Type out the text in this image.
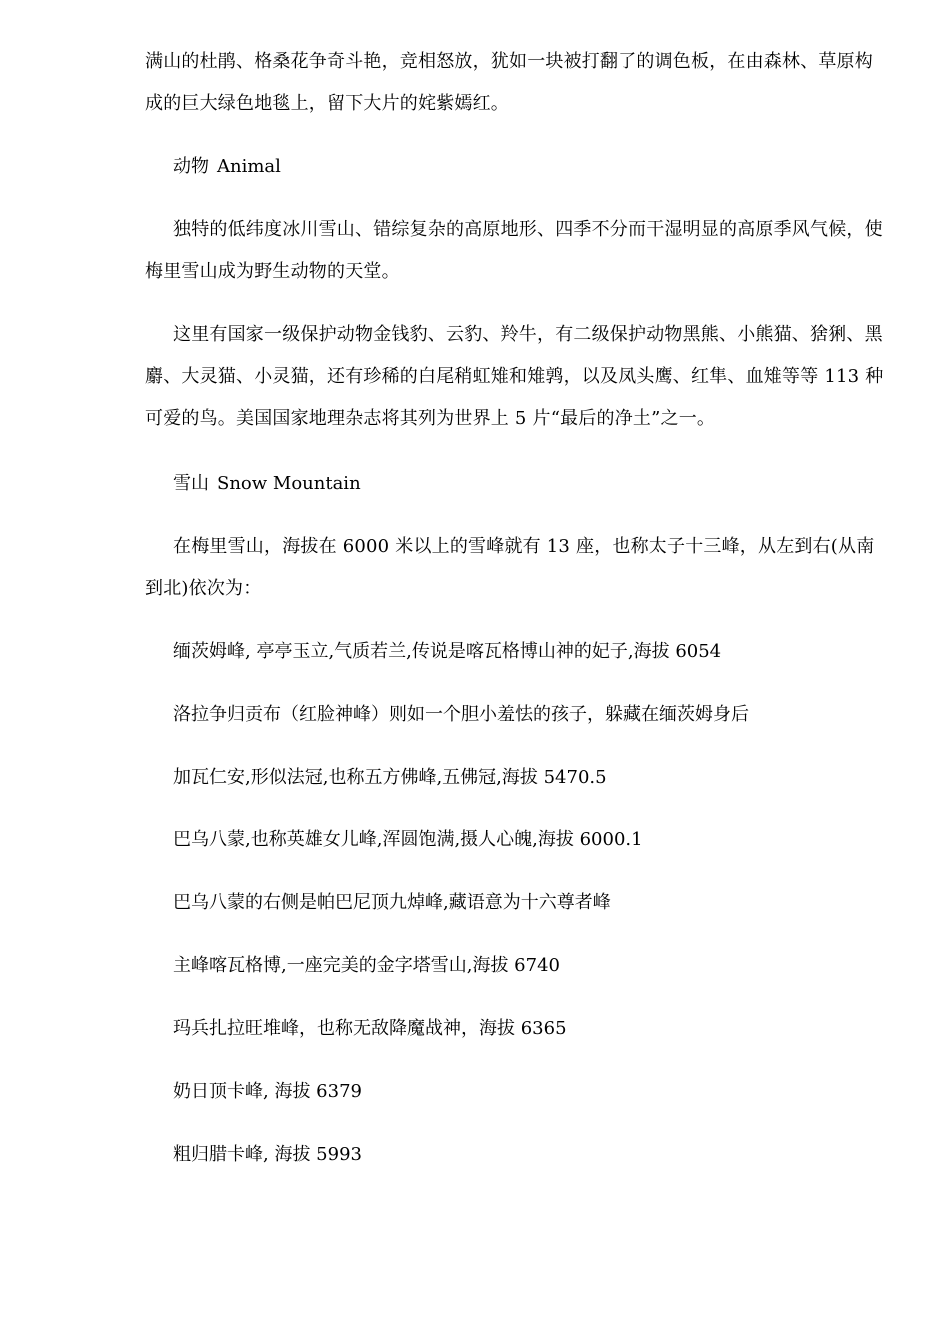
满山的杜鹃、格桑花争奇斗艳，竞相怒放，犹如一块被打翻了的调色板，在由森林、草原构成的巨大绿色地毯上，留下大片的姹紫嫣红。

动物 Animal

独特的低纬度冰川雪山、错综复杂的高原地形、四季不分而干湿明显的高原季风气候，使梅里雪山成为野生动物的天堂。

这里有国家一级保护动物金钱豹、云豹、羚牛，有二级保护动物黑熊、小熊猫、猞猁、黑麝、大灵猫、小灵猫，还有珍稀的白尾稍虹雉和雉鹑，以及凤头鹰、红隼、血雉等等 113 种可爱的鸟。美国国家地理杂志将其列为世界上 5 片“最后的净土”之一。

雪山 Snow Mountain

在梅里雪山，海拔在 6000 米以上的雪峰就有 13 座，也称太子十三峰，从左到右(从南到北)依次为：

缅茨姆峰, 亭亭玉立,气质若兰,传说是喀瓦格博山神的妃子,海拔 6054

洛拉争归贡布（红脸神峰）则如一个胆小羞怯的孩子，躲藏在缅茨姆身后

加瓦仁安,形似法冠,也称五方佛峰,五佛冠,海拔 5470.5

巴乌八蒙,也称英雄女儿峰,浑圆饱满,摄人心魄,海拔 6000.1

巴乌八蒙的右侧是帕巴尼顶九焯峰,藏语意为十六尊者峰

主峰喀瓦格博,一座完美的金字塔雪山,海拔 6740

玛兵扎拉旺堆峰，也称无敌降魔战神，海拔 6365

奶日顶卡峰, 海拔 6379

粗归腊卡峰, 海拔 5993
